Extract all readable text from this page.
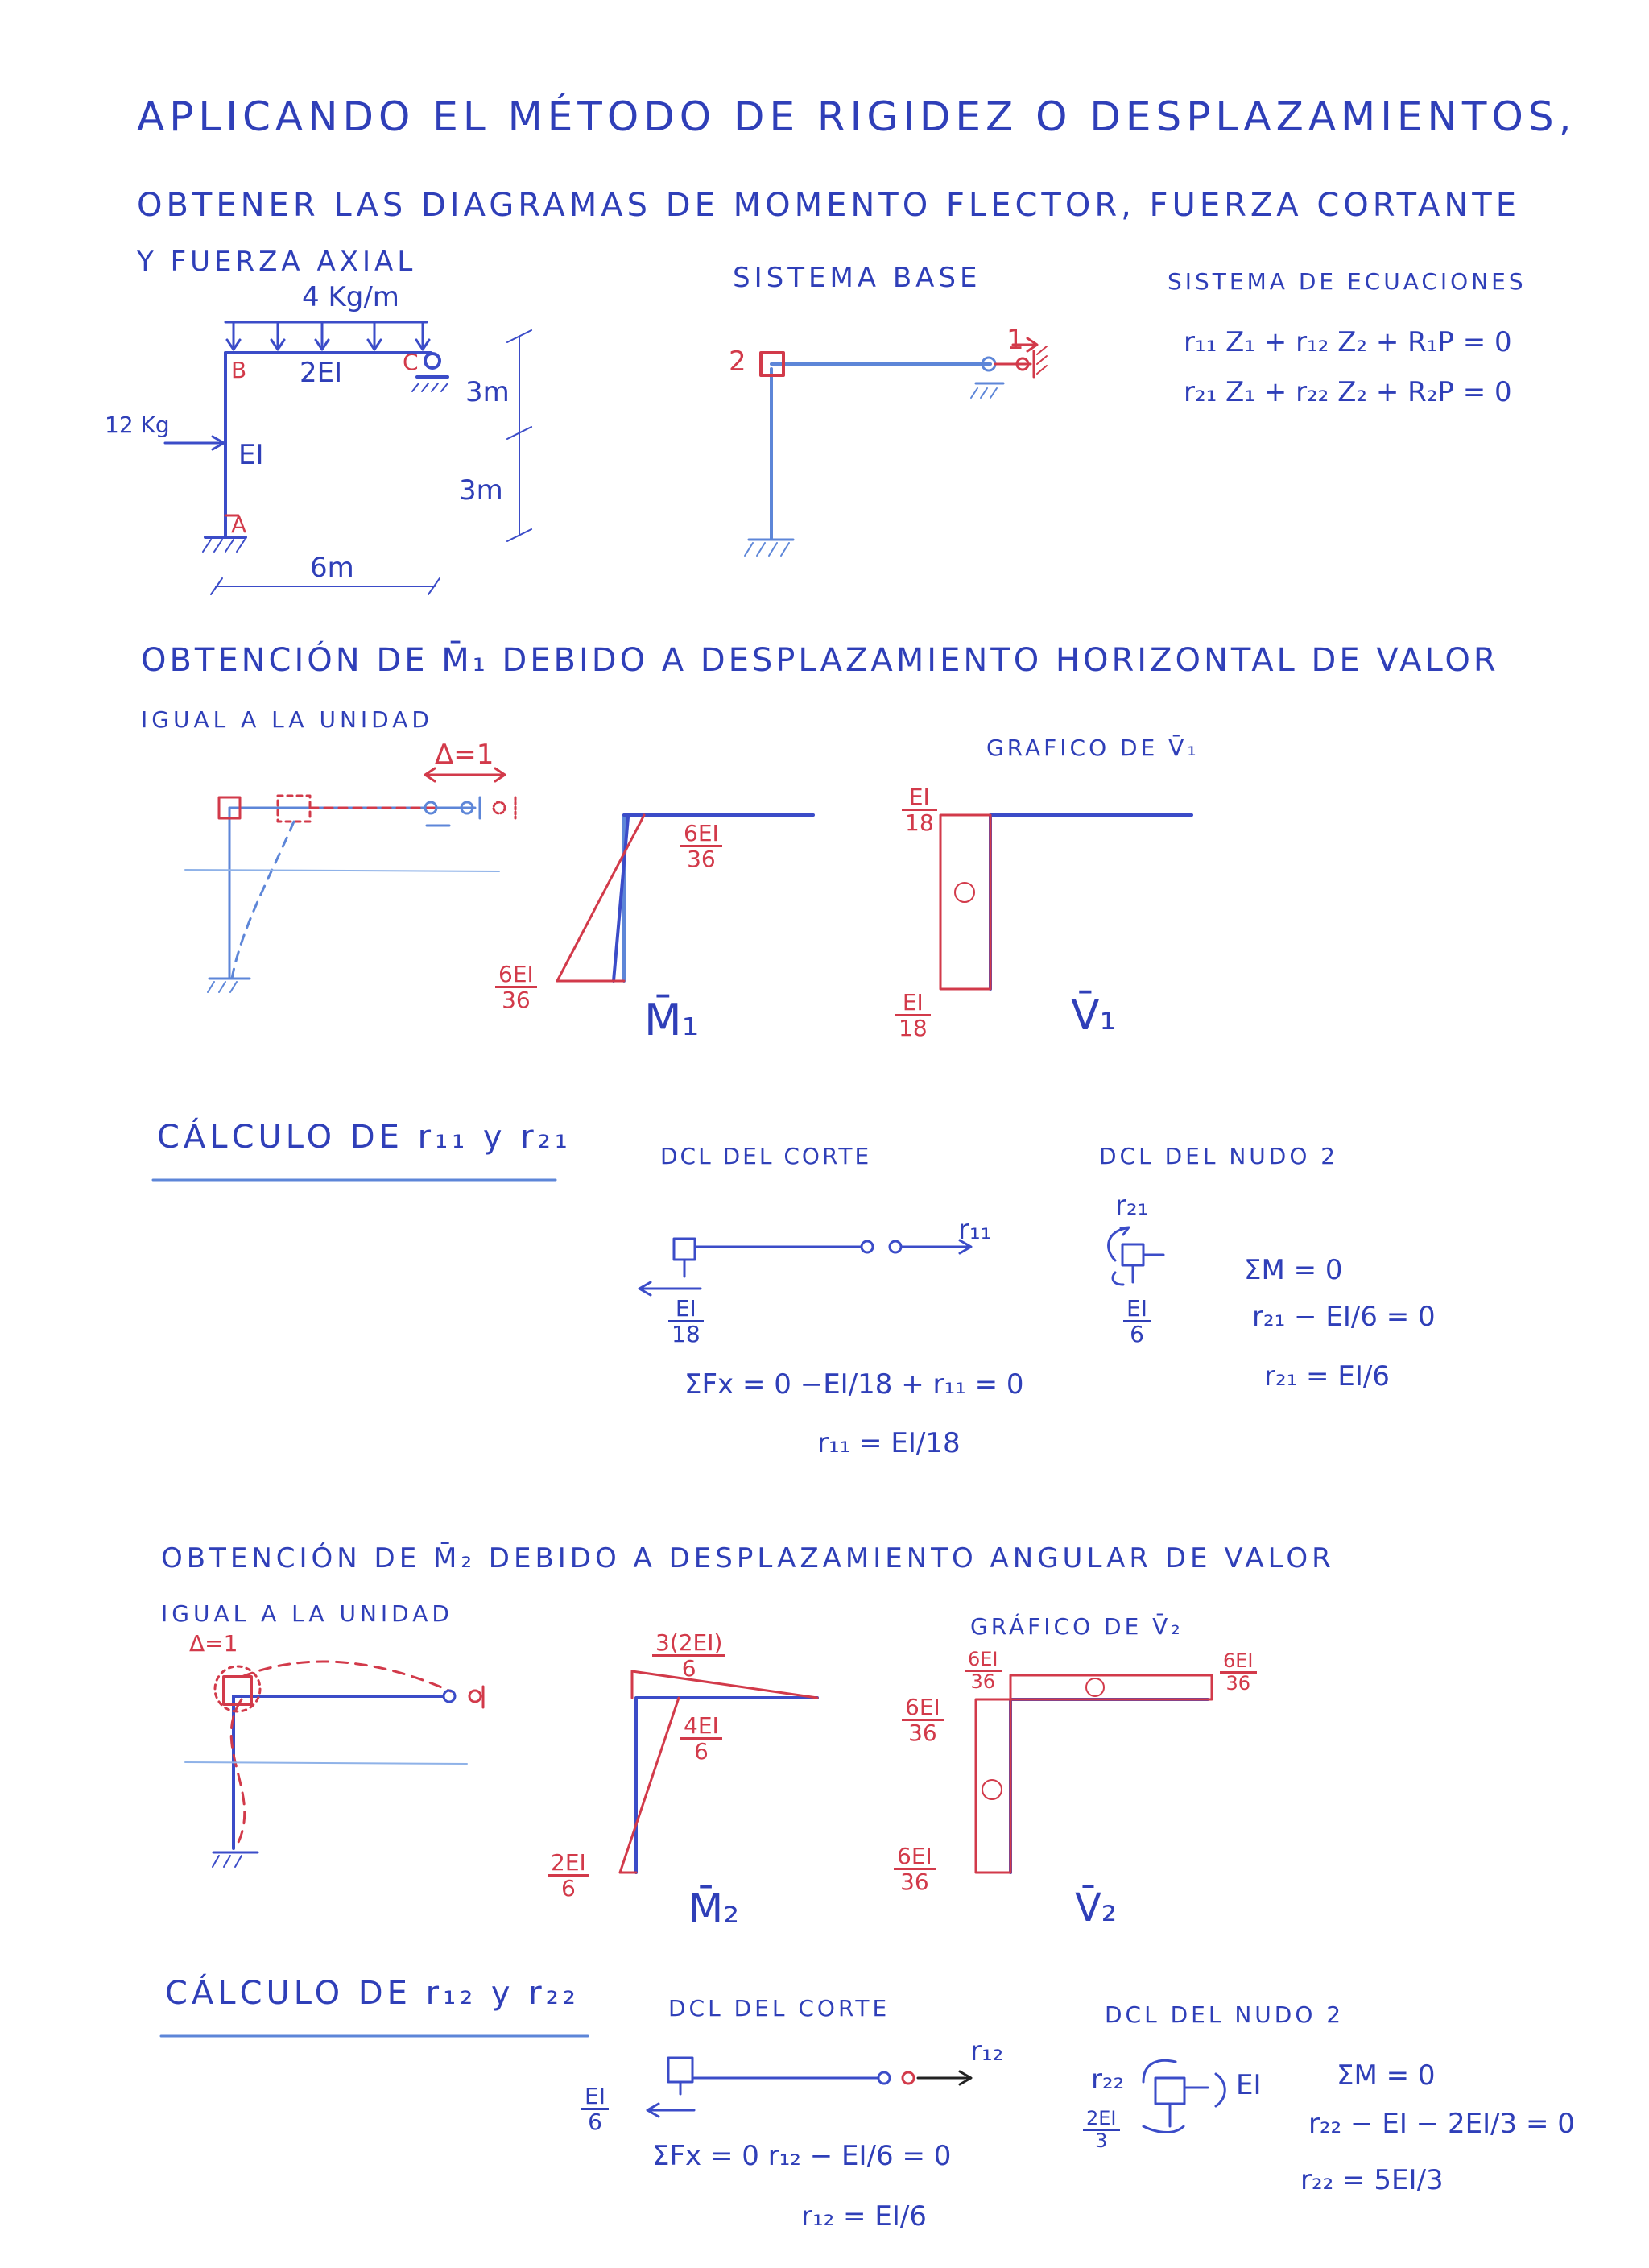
APLICANDO EL MÉTODO DE RIGIDEZ O DESPLAZAMIENTOS,
OBTENER LAS DIAGRAMAS DE MOMENTO FLECTOR, FUERZA CORTANTE
Y FUERZA AXIAL
4 Kg/m
2EI
EI
12 Kg
A
B	C
3m
3m
6m
SISTEMA BASE
2
1
SISTEMA DE ECUACIONES
r₁₁ Z₁ + r₁₂ Z₂ + R₁P = 0
r₂₁ Z₁ + r₂₂ Z₂ + R₂P = 0
OBTENCIÓN DE M̄₁ DEBIDO A DESPLAZAMIENTO HORIZONTAL DE VALOR
IGUAL A LA UNIDAD
Δ=1
$\frac{6EI}{36}$
$\frac{6EI}{36}$
M̄₁
GRAFICO DE V̄₁
$\frac{EI}{18}$
$\frac{EI}{18}$	V̄₁
CÁLCULO DE r₁₁ y r₂₁
DCL DEL CORTE	DCL DEL NUDO 2
r₁₁
r₂₁
$\frac{EI}{18}$	$\frac{EI}{6}$
ΣFx = 0 −EI/18 + r₁₁ = 0
r₁₁ = EI/18
ΣM = 0
r₂₁ − EI/6 = 0
r₂₁ = EI/6
OBTENCIÓN DE M̄₂ DEBIDO A DESPLAZAMIENTO ANGULAR DE VALOR
IGUAL A LA UNIDAD
Δ=1	$\frac{3(2EI)}{6}$
$\frac{4EI}{6}$
$\frac{2EI}{6}$
M̄₂
GRÁFICO DE V̄₂
$\frac{6EI}{36}$	$\frac{6EI}{36}$
$\frac{6EI}{36}$
$\frac{6EI}{36}$
V̄₂
CÁLCULO DE r₁₂ y r₂₂	DCL DEL CORTE	DCL DEL NUDO 2
r₁₂
r₂₂	EI
$\frac{EI}{6}$	$\frac{2EI}{3}$
ΣFx = 0 r₁₂ − EI/6 = 0
r₁₂ = EI/6
ΣM = 0
r₂₂ − EI − 2EI/3 = 0
r₂₂ = 5EI/3
